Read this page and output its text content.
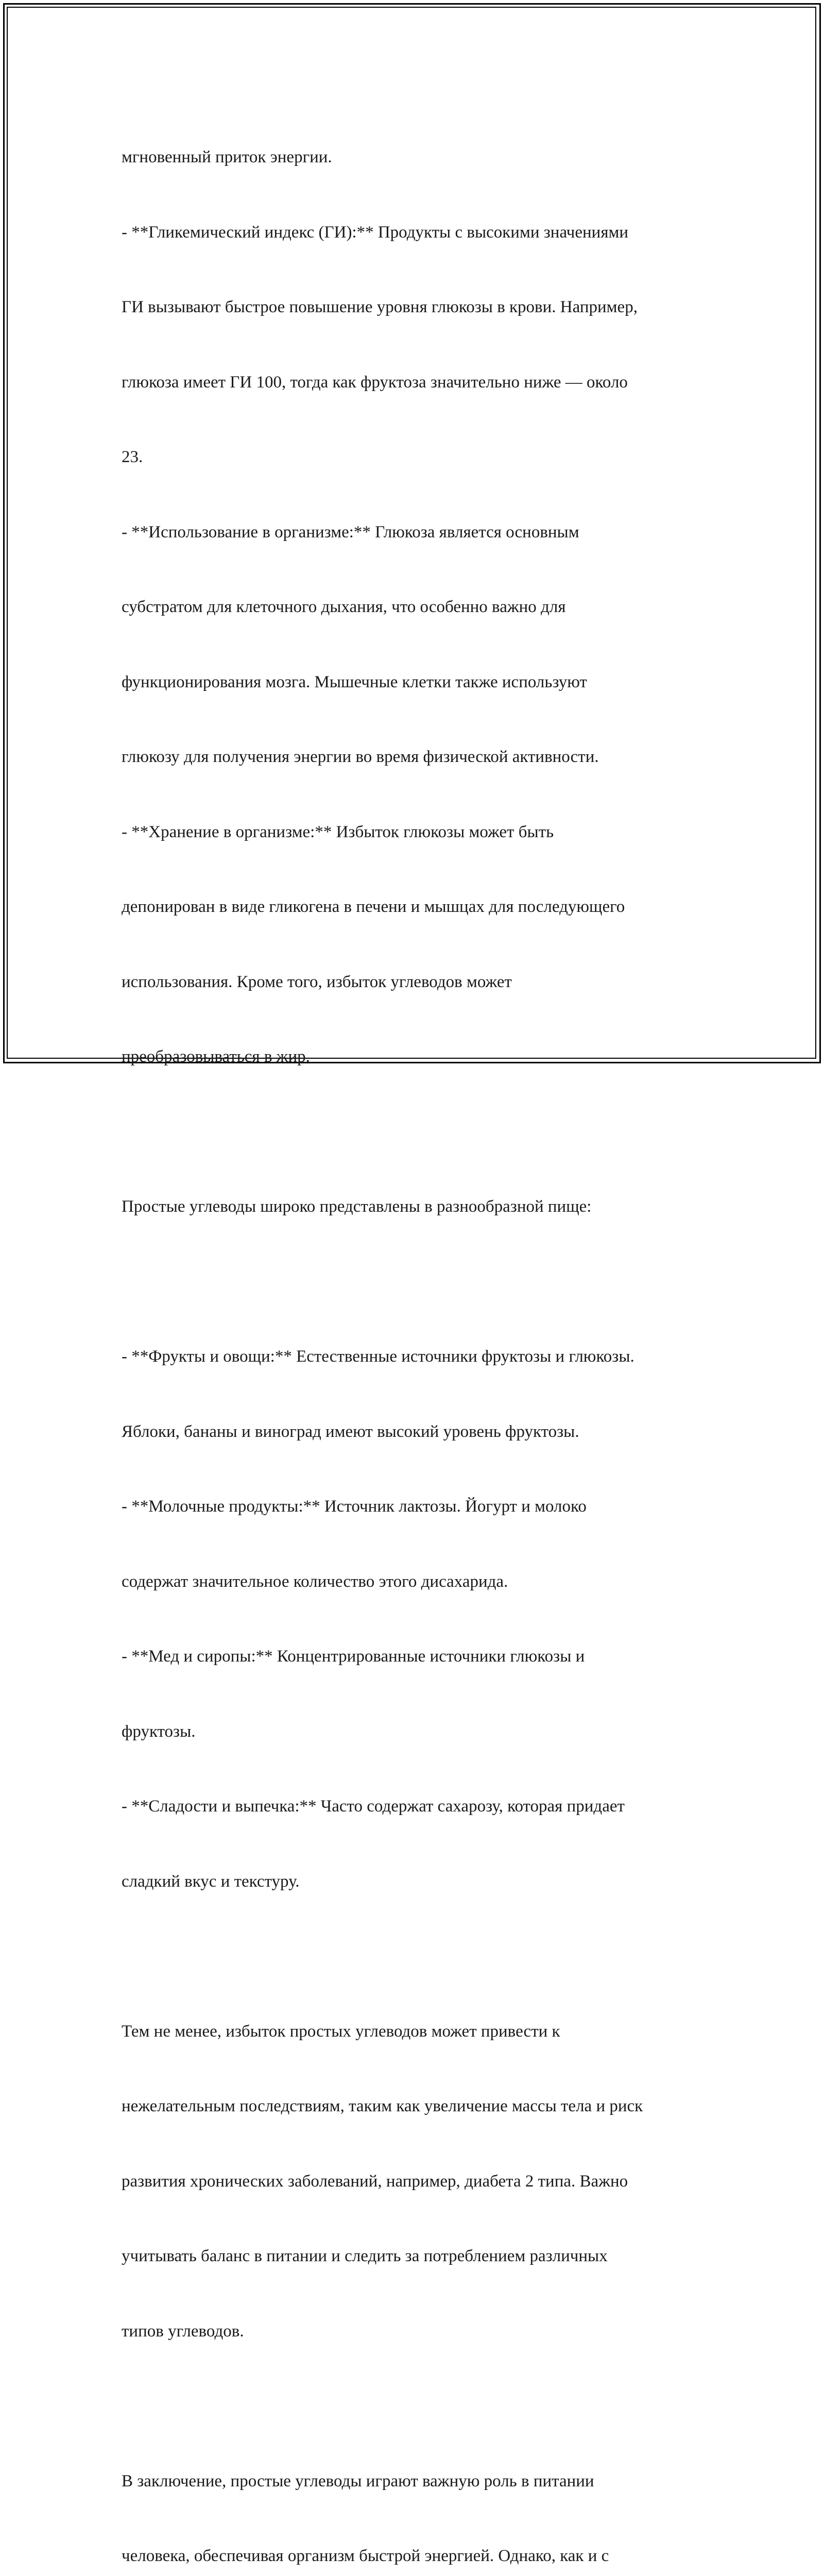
мгновенный приток энергии.

- **Гликемический индекс (ГИ):** Продукты с высокими значениями

ГИ вызывают быстрое повышение уровня глюкозы в крови. Например,

глюкоза имеет ГИ 100, тогда как фруктоза значительно ниже — около

23.

- **Использование в организме:** Глюкоза является основным

субстратом для клеточного дыхания, что особенно важно для

функционирования мозга. Мышечные клетки также используют

глюкозу для получения энергии во время физической активности.

- **Хранение в организме:** Избыток глюкозы может быть

депонирован в виде гликогена в печени и мышцах для последующего

использования. Кроме того, избыток углеводов может

преобразовываться в жир.

Простые углеводы широко представлены в разнообразной пище:

- **Фрукты и овощи:** Естественные источники фруктозы и глюкозы.

Яблоки, бананы и виноград имеют высокий уровень фруктозы.

- **Молочные продукты:** Источник лактозы. Йогурт и молоко

содержат значительное количество этого дисахарида.

- **Мед и сиропы:** Концентрированные источники глюкозы и

фруктозы.

- **Сладости и выпечка:** Часто содержат сахарозу, которая придает

сладкий вкус и текстуру.

Тем не менее, избыток простых углеводов может привести к

нежелательным последствиям, таким как увеличение массы тела и риск

развития хронических заболеваний, например, диабета 2 типа. Важно

учитывать баланс в питании и следить за потреблением различных

типов углеводов.

В заключение, простые углеводы играют важную роль в питании

человека, обеспечивая организм быстрой энергией. Однако, как и с
